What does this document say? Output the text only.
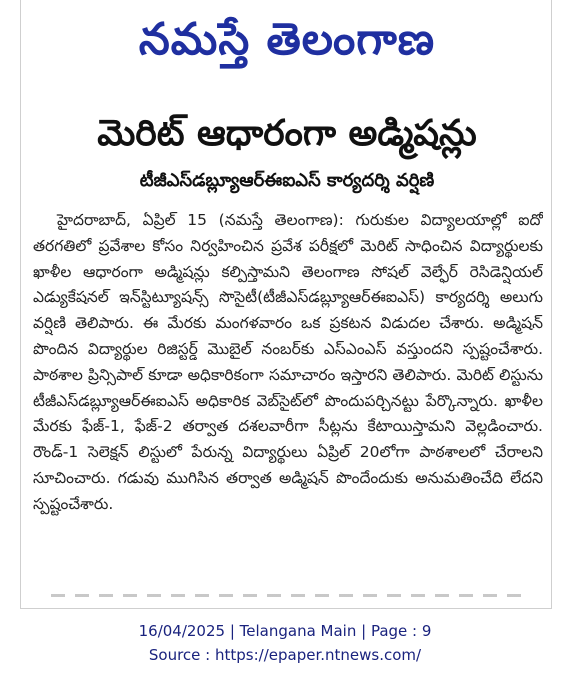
నమస్తే తెలంగాణ
మెరిట్ ఆధారంగా అడ్మిషన్లు
టీజీఎస్‌డబ్ల్యూఆర్ఈఐఎస్ కార్యదర్శి వర్షిణి

హైదరాబాద్, ఏప్రిల్ 15 (నమస్తే తెలంగాణ): గురుకుల విద్యాలయాల్లో ఐదో తరగతిలో ప్రవేశాల కోసం నిర్వహించిన ప్రవేశ పరీక్షలో మెరిట్ సాధించిన విద్యార్థులకు ఖాళీల ఆధారంగా అడ్మిషన్లు కల్పిస్తామని తెలంగాణ సోషల్ వెల్ఫేర్ రెసిడెన్షియల్ ఎడ్యుకేషనల్ ఇన్‌స్టిట్యూషన్స్ సొసైటీ(టీజీఎస్‌డబ్ల్యూఆర్ఈఐఎస్) కార్యదర్శి అలుగు వర్షిణి తెలిపారు. ఈ మేరకు మంగళవారం ఒక ప్రకటన విడుదల చేశారు. అడ్మిషన్ పొందిన విద్యార్థుల రిజిస్టర్డ్ మొబైల్ నంబర్‌కు ఎస్ఎంఎస్ వస్తుందని స్పష్టంచేశారు. పాఠశాల ప్రిన్సిపాల్ కూడా అధికారికంగా సమాచారం ఇస్తారని తెలిపారు. మెరిట్ లిస్టును టీజీఎస్‌డబ్ల్యూఆర్ఈఐఎస్ అధికారిక వెబ్‌సైట్‌లో పొందుపర్చినట్టు పేర్కొన్నారు. ఖాళీల మేరకు ఫేజ్-1, ఫేజ్-2 తర్వాత దశలవారీగా సీట్లను కేటాయిస్తామని వెల్లడించారు. రౌండ్-1 సెలెక్షన్ లిస్టులో పేరున్న విద్యార్థులు ఏప్రిల్ 20లోగా పాఠశాలలో చేరాలని సూచించారు. గడువు ముగిసిన తర్వాత అడ్మిషన్ పొందేందుకు అనుమతించేది లేదని స్పష్టంచేశారు.

16/04/2025 | Telangana Main | Page : 9
Source : https://epaper.ntnews.com/
